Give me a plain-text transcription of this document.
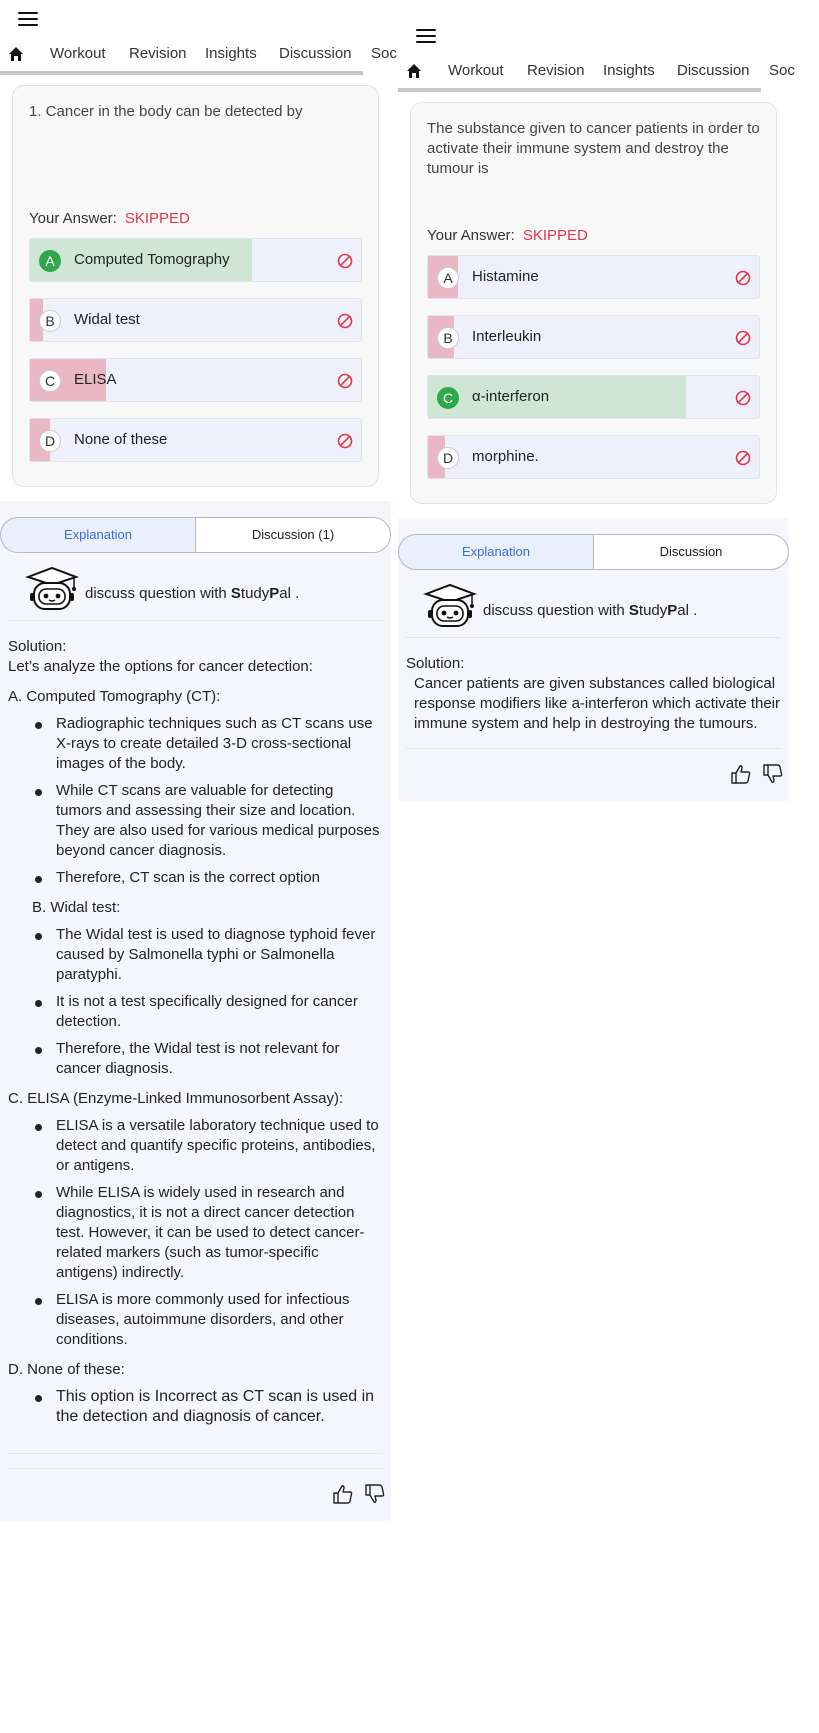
Workout Revision Insights Discussion Soc
1. Cancer in the body can be detected by
Your Answer: SKIPPED
A	Computed Tomography
B	Widal test
C	ELISA
D	None of these
Explanation	Discussion (1)
discuss question with StudyPal .

Solution:

Let’s analyze the options for cancer detection:

A. Computed Tomography (CT):

Radiographic techniques such as CT scans use X-rays to create detailed 3-D cross-sectional images of the body.
While CT scans are valuable for detecting tumors and assessing their size and location. They are also used for various medical purposes beyond cancer diagnosis.
Therefore, CT scan is the correct option

B. Widal test:

The Widal test is used to diagnose typhoid fever caused by Salmonella typhi or Salmonella paratyphi.
It is not a test specifically designed for cancer detection.
Therefore, the Widal test is not relevant for cancer diagnosis.

C. ELISA (Enzyme-Linked Immunosorbent Assay):

ELISA is a versatile laboratory technique used to detect and quantify specific proteins, antibodies, or antigens.
While ELISA is widely used in research and diagnostics, it is not a direct cancer detection test. However, it can be used to detect cancer-related markers (such as tumor-specific antigens) indirectly.
ELISA is more commonly used for infectious diseases, autoimmune disorders, and other conditions.

D. None of these:

This option is Incorrect as CT scan is used in the detection and diagnosis of cancer.
Workout Revision Insights Discussion Soc
The substance given to cancer patients in order to activate their immune system and destroy the tumour is
Your Answer: SKIPPED
A	Histamine
B	Interleukin
C	α-interferon
D	morphine.
Explanation	Discussion
discuss question with StudyPal .

Solution:

Cancer patients are given substances called biological response modifiers like a-interferon which activate their immune system and help in destroying the tumours.
